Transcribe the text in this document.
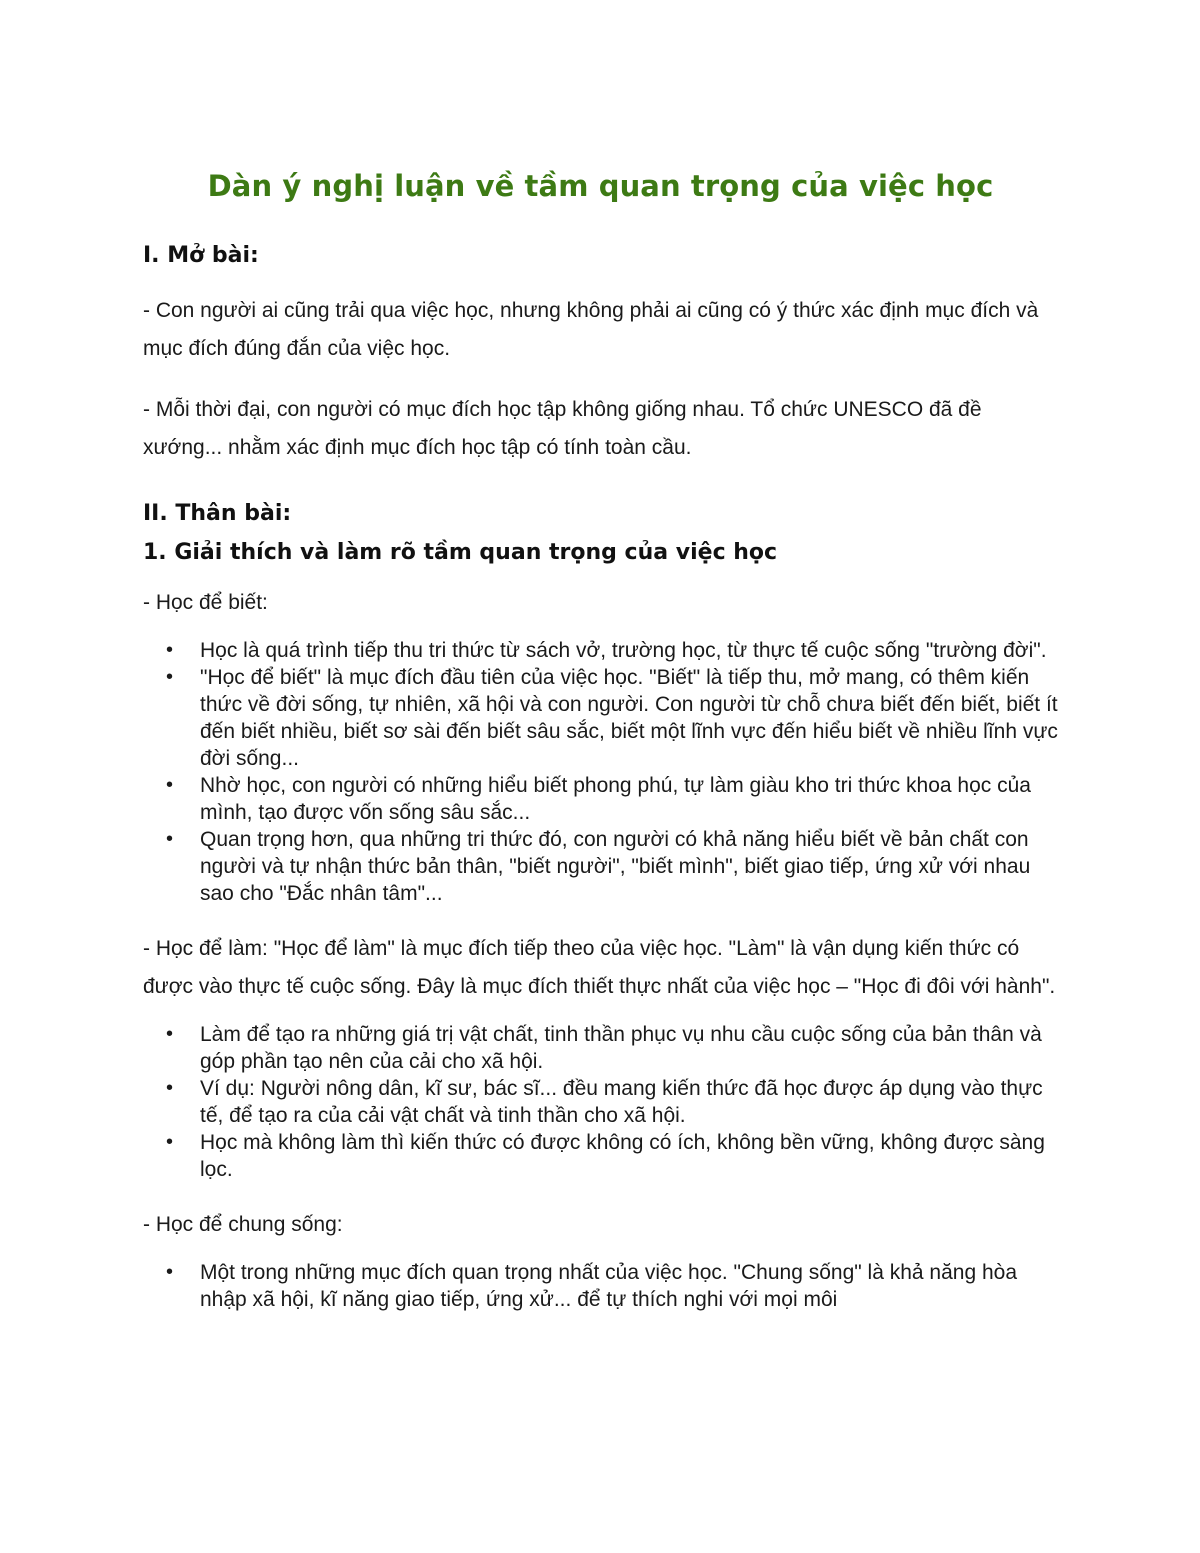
Dàn ý nghị luận về tầm quan trọng của việc học
I. Mở bài:

- Con người ai cũng trải qua việc học, nhưng không phải ai cũng có ý thức xác định mục đích và mục đích đúng đắn của việc học.

- Mỗi thời đại, con người có mục đích học tập không giống nhau. Tổ chức UNESCO đã đề xướng... nhằm xác định mục đích học tập có tính toàn cầu.

II. Thân bài:
1. Giải thích và làm rõ tầm quan trọng của việc học

- Học để biết:

• Học là quá trình tiếp thu tri thức từ sách vở, trường học, từ thực tế cuộc sống "trường đời".
• "Học để biết" là mục đích đầu tiên của việc học. "Biết" là tiếp thu, mở mang, có thêm kiến thức về đời sống, tự nhiên, xã hội và con người. Con người từ chỗ chưa biết đến biết, biết ít đến biết nhiều, biết sơ sài đến biết sâu sắc, biết một lĩnh vực đến hiểu biết về nhiều lĩnh vực đời sống...
• Nhờ học, con người có những hiểu biết phong phú, tự làm giàu kho tri thức khoa học của mình, tạo được vốn sống sâu sắc...
• Quan trọng hơn, qua những tri thức đó, con người có khả năng hiểu biết về bản chất con người và tự nhận thức bản thân, "biết người", "biết mình", biết giao tiếp, ứng xử với nhau sao cho "Đắc nhân tâm"...

- Học để làm: "Học để làm" là mục đích tiếp theo của việc học. "Làm" là vận dụng kiến thức có được vào thực tế cuộc sống. Đây là mục đích thiết thực nhất của việc học – "Học đi đôi với hành".

• Làm để tạo ra những giá trị vật chất, tinh thần phục vụ nhu cầu cuộc sống của bản thân và góp phần tạo nên của cải cho xã hội.
• Ví dụ: Người nông dân, kĩ sư, bác sĩ... đều mang kiến thức đã học được áp dụng vào thực tế, để tạo ra của cải vật chất và tinh thần cho xã hội.
• Học mà không làm thì kiến thức có được không có ích, không bền vững, không được sàng lọc.

- Học để chung sống:

• Một trong những mục đích quan trọng nhất của việc học. "Chung sống" là khả năng hòa nhập xã hội, kĩ năng giao tiếp, ứng xử... để tự thích nghi với mọi môi
